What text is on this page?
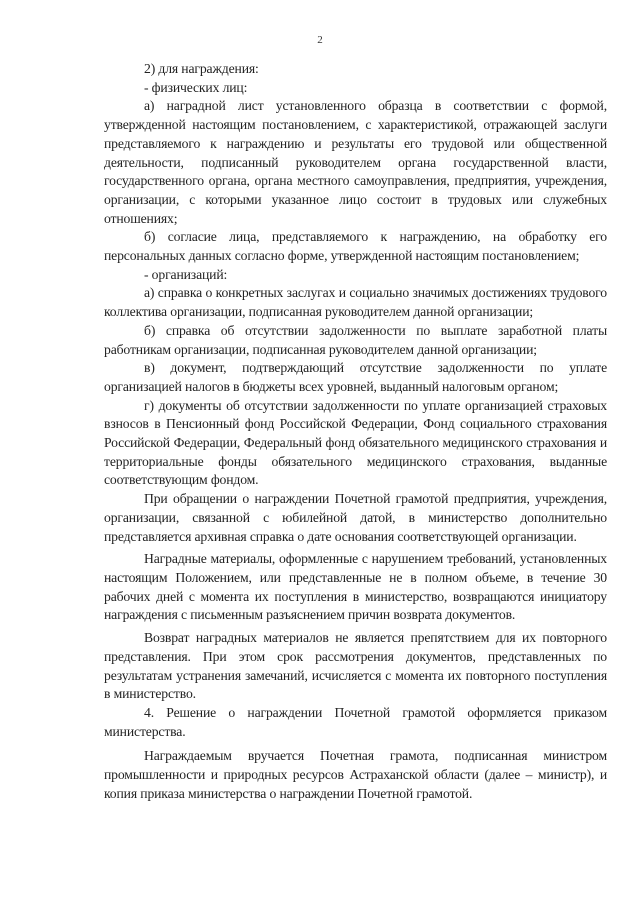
2

2) для награждения:

- физических лиц:

а) наградной лист установленного образца в соответствии с формой, утвержденной настоящим постановлением, с характеристикой, отражающей заслуги представляемого к награждению и результаты его трудовой или общественной деятельности, подписанный руководителем органа государственной власти, государственного органа, органа местного самоуправления, предприятия, учреждения, организации, с которыми указанное лицо состоит в трудовых или служебных отношениях;

б) согласие лица, представляемого к награждению, на обработку его персональных данных согласно форме, утвержденной настоящим постановлением;

- организаций:

а) справка о конкретных заслугах и социально значимых достижениях трудового коллектива организации, подписанная руководителем данной организации;

б) справка об отсутствии задолженности по выплате заработной платы работникам организации, подписанная руководителем данной организации;

в) документ, подтверждающий отсутствие задолженности по уплате организацией налогов в бюджеты всех уровней, выданный налоговым органом;

г) документы об отсутствии задолженности по уплате организацией страховых взносов в Пенсионный фонд Российской Федерации, Фонд социального страхования Российской Федерации, Федеральный фонд обязательного медицинского страхования и территориальные фонды обязательного медицинского страхования, выданные соответствующим фондом.

При обращении о награждении Почетной грамотой предприятия, учреждения, организации, связанной с юбилейной датой, в министерство дополнительно представляется архивная справка о дате основания соответствующей организации.

Наградные материалы, оформленные с нарушением требований, установленных настоящим Положением, или представленные не в полном объеме, в течение 30 рабочих дней с момента их поступления в министерство, возвращаются инициатору награждения с письменным разъяснением причин возврата документов.

Возврат наградных материалов не является препятствием для их повторного представления. При этом срок рассмотрения документов, представленных по результатам устранения замечаний, исчисляется с момента их повторного поступления в министерство.

4. Решение о награждении Почетной грамотой оформляется приказом министерства.

Награждаемым вручается Почетная грамота, подписанная министром промышленности и природных ресурсов Астраханской области (далее – министр), и копия приказа министерства о награждении Почетной грамотой.
